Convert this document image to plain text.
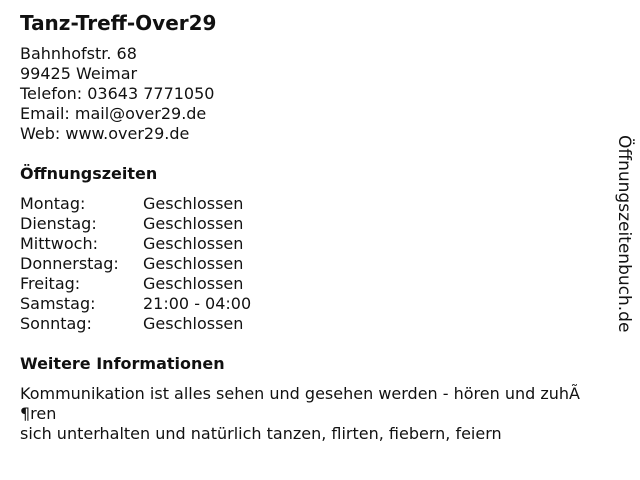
Tanz-Treff-Over29
Bahnhofstr. 68
99425 Weimar
Telefon: 03643 7771050
Email: mail@over29.de
Web: www.over29.de
Öffnungszeiten
Montag:	Geschlossen
Dienstag:	Geschlossen
Mittwoch:	Geschlossen
Donnerstag:	Geschlossen
Freitag:	Geschlossen
Samstag:	21:00 - 04:00
Sonntag:	Geschlossen
Weitere Informationen
Kommunikation ist alles sehen und gesehen werden - hören und zuhÃ
¶ren
sich unterhalten und natürlich tanzen, flirten, fiebern, feiern
Öffnungszeitenbuch.de
